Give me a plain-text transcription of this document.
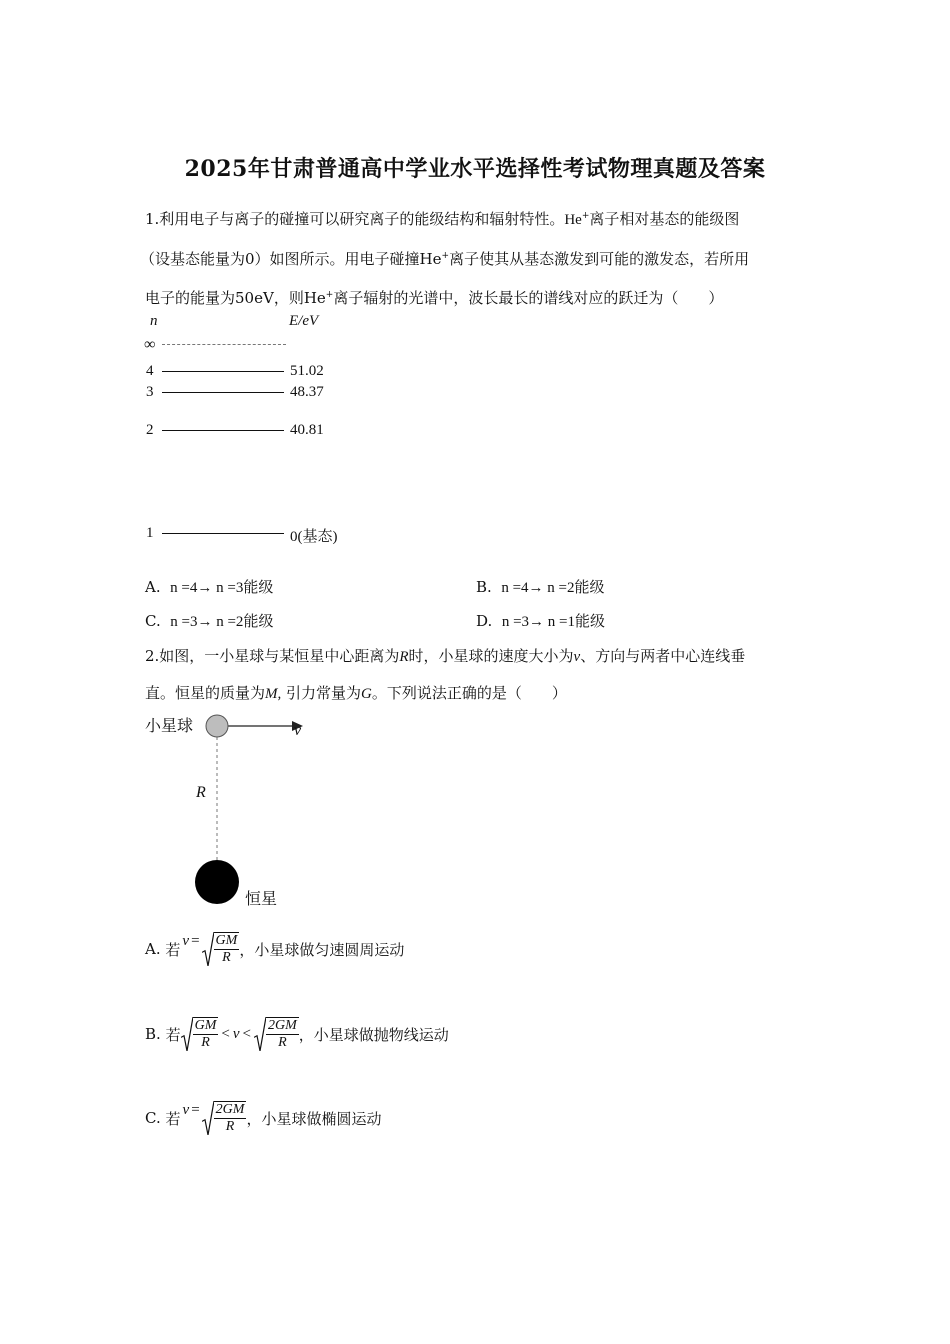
2025年甘肃普通高中学业水平选择性考试物理真题及答案
1.利用电子与离子的碰撞可以研究离子的能级结构和辐射特性。He+离子相对基态的能级图
（设基态能量为0）如图所示。用电子碰撞He+离子使其从基态激发到可能的激发态，若所用
电子的能量为50eV，则He+离子辐射的光谱中，波长最长的谱线对应的跃迁为（　　）
n	E/eV
∞
4	51.02
3	48.37
2	40.81
1	0(基态)
A. n =4→ n =3能级	B. n =4→ n =2能级
C. n =3→ n =2能级	D. n =3→ n =1能级
2.如图，一小星球与某恒星中心距离为R时，小星球的速度大小为v、方向与两者中心连线垂
直。恒星的质量为M, 引力常量为G。下列说法正确的是（　　）
小星球	v
R
恒星
A.
若 $v = \frac{GM}{R}$ ，小星球做匀速圆周运动
B.
若 $\frac{GM}{R} < v < \frac{2GM}{R}$ ，小星球做抛物线运动
C.
若 $v = \frac{2GM}{R}$ ，小星球做椭圆运动
